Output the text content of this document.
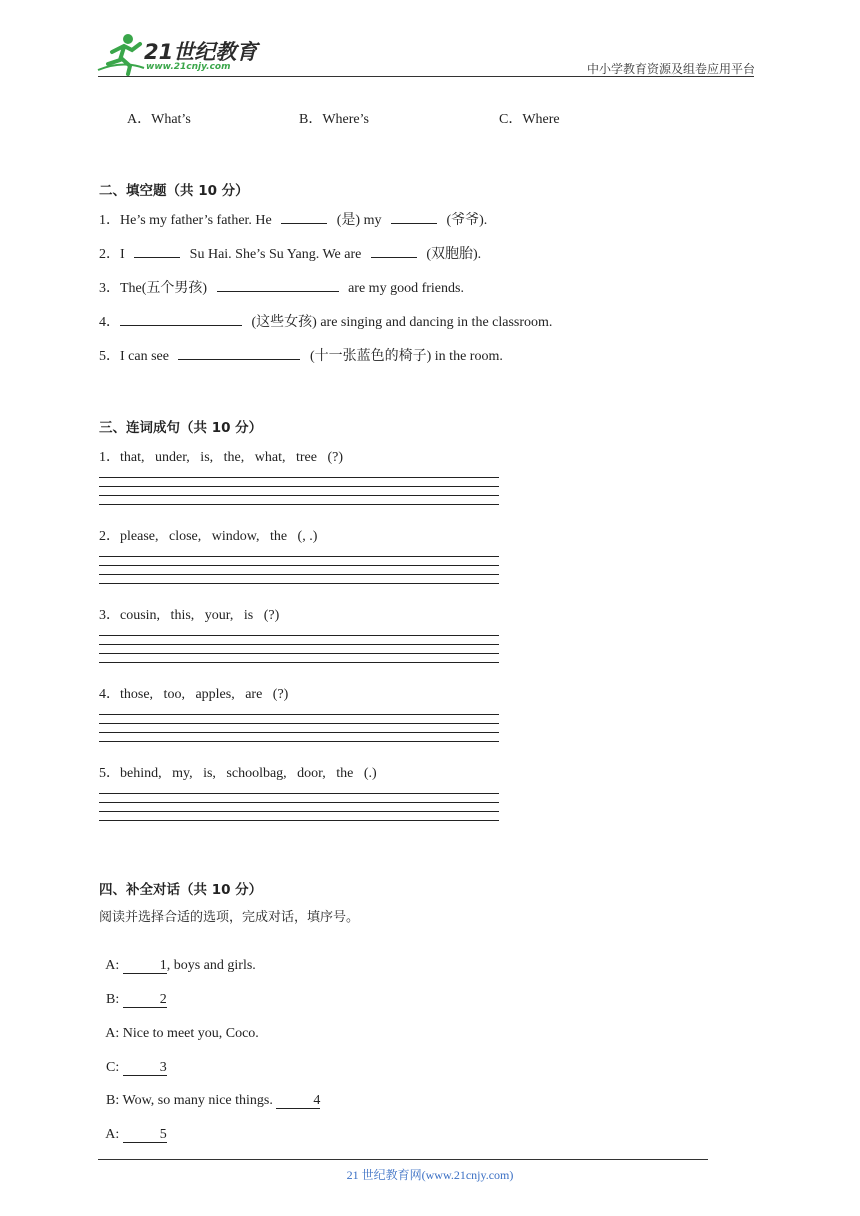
21世纪教育
www.21cnjy.com	中小学教育资源及组卷应用平台
A．What’s	B．Where’s	C．Where
二、填空题（共 10 分）
1．He’s my father’s father. He	(是) my	(爷爷).
2．I	Su Hai. She’s Su Yang. We are	(双胞胎).
3．The(五个男孩)	are my good friends.
4．	(这些女孩) are singing and dancing in the classroom.
5．I can see	(十一张蓝色的椅子) in the room.
三、连词成句（共 10 分）
1．that,   under,   is,   the,   what,   tree   (?)
2．please,   close,   window,   the   (, .)
3．cousin,   this,   your,   is   (?)
4．those,   too,   apples,   are   (?)
5．behind,   my,   is,   schoolbag,   door,   the   (.)
四、补全对话（共 10 分）
阅读并选择合适的选项，完成对话，填序号。

A:	1, boys and girls.

B:	2

A: Nice to meet you, Coco.

C:	3

B: Wow, so many nice things.	4

A:	5

21 世纪教育网(www.21cnjy.com)
